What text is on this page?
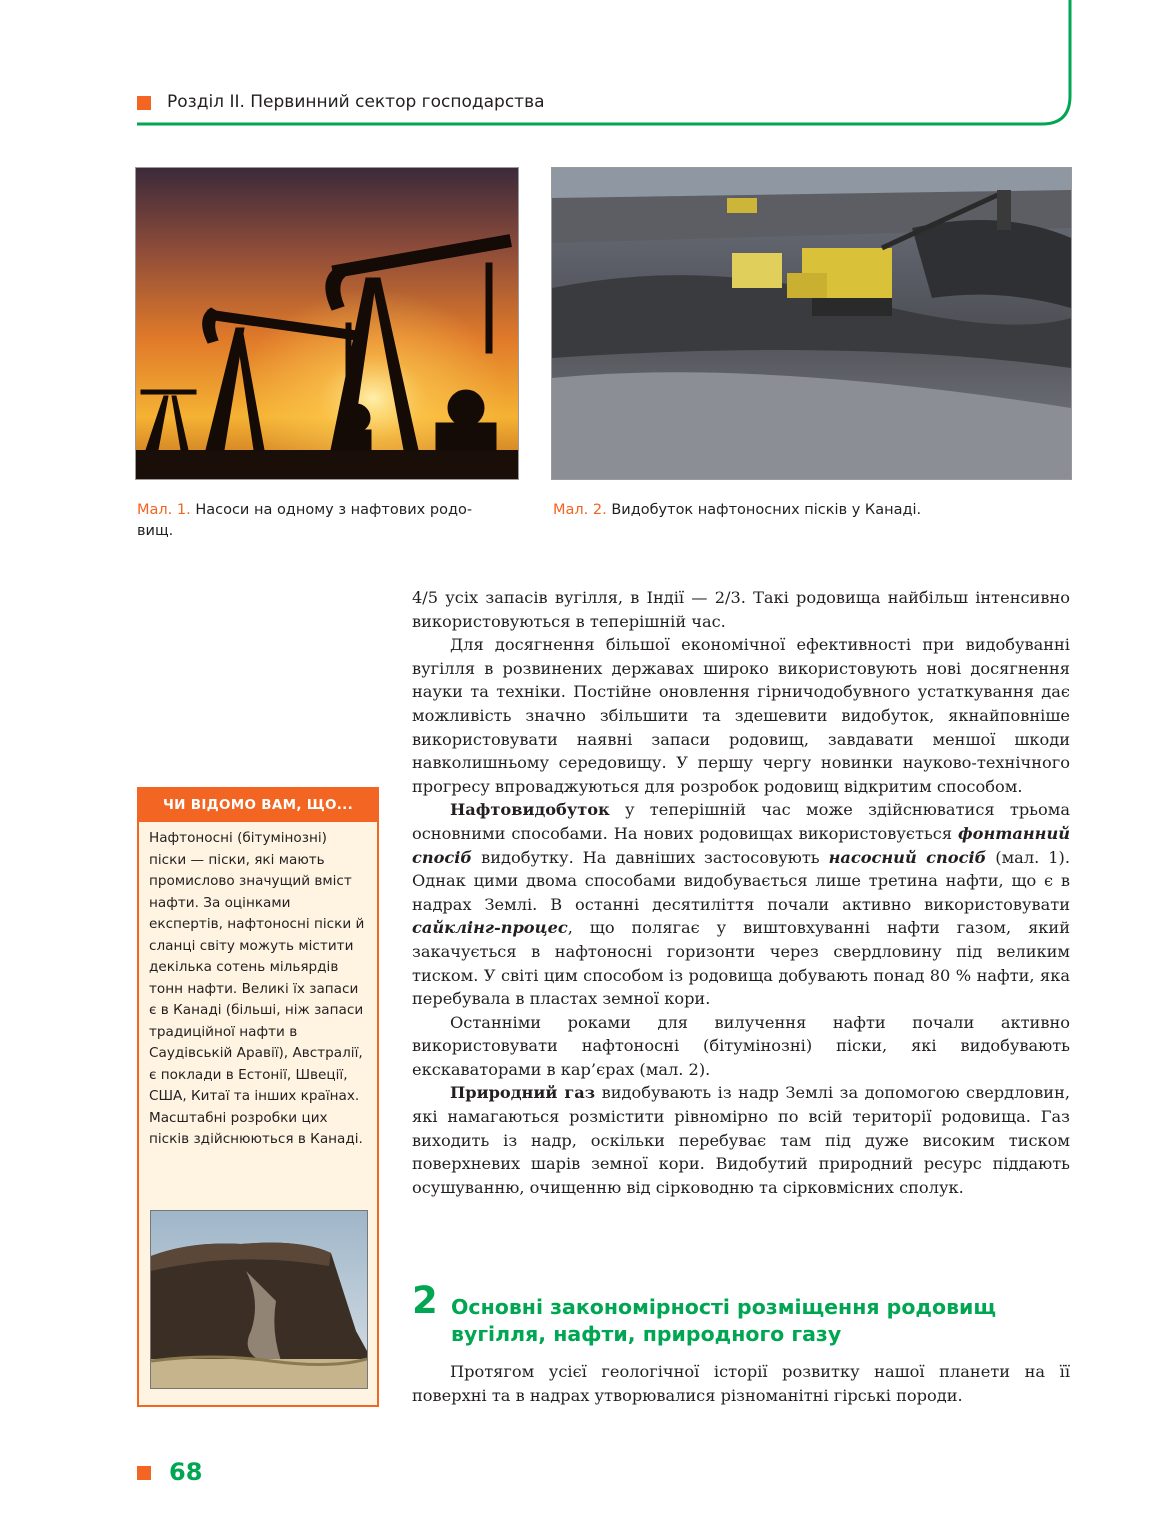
Розділ ІІ. Первинний сектор господарства
Мал. 1. Насоси на одному з нафтових родо-вищ.
Мал. 2. Видобуток нафтоносних пісків у Канаді.

4/5 усіх запасів вугілля, в Індії — 2/3. Такі родовища найбільш інтенсивно використовуються в теперішній час.

Для досягнення більшої економічної ефективності при видобуванні вугілля в розвинених державах широко використовують нові досягнення науки та техніки. Постійне оновлення гірничодобувного устаткування дає можливість значно збільшити та здешевити видобуток, якнайповніше використовувати наявні запаси родовищ, завдавати меншої шкоди навколишньому середовищу. У першу чергу новинки науково-технічного прогресу впроваджуються для розробок родовищ відкритим способом.

Нафтовидобуток у теперішній час може здійснюватися трьома основними способами. На нових родовищах використовується фонтанний спосіб видобутку. На давніших застосовують насосний спосіб (мал. 1). Однак цими двома способами видобувається лише третина нафти, що є в надрах Землі. В останні десятиліття почали активно використовувати сайклінг-процес, що полягає у виштовхуванні нафти газом, який закачується в нафтоносні горизонти через свердловину під великим тиском. У світі цим способом із родовища добувають понад 80 % нафти, яка перебувала в пластах земної кори.

Останніми роками для вилучення нафти почали активно використовувати нафтоносні (бітумінозні) піски, які видобувають екскаваторами в кар’єрах (мал. 2).

Природний газ видобувають із надр Землі за допомогою свердловин, які намагаються розмістити рівномірно по всій території родовища. Газ виходить із надр, оскільки перебуває там під дуже високим тиском поверхневих шарів земної кори. Видобутий природний ресурс піддають осушуванню, очищенню від сірководню та сірковмісних сполук.

ЧИ ВІДОМО ВАМ, ЩО...
Нафтоносні (бітумінозні) піски — піски, які мають промислово значущий вміст нафти. За оцінками експертів, нафтоносні піски й сланці світу можуть містити декілька сотень мільярдів тонн нафти. Великі їх запаси є в Канаді (більші, ніж запаси традиційної нафти в Саудівській Аравії), Австралії, є поклади в Естонії, Швеції, США, Китаї та інших країнах. Масштабні розробки цих пісків здійснюються в Канаді.
2 Основні закономірності розміщення родовищ вугілля, нафти, природного газу

Протягом усієї геологічної історії розвитку нашої планети на її поверхні та в надрах утворювалися різноманітні гірські породи.

68
